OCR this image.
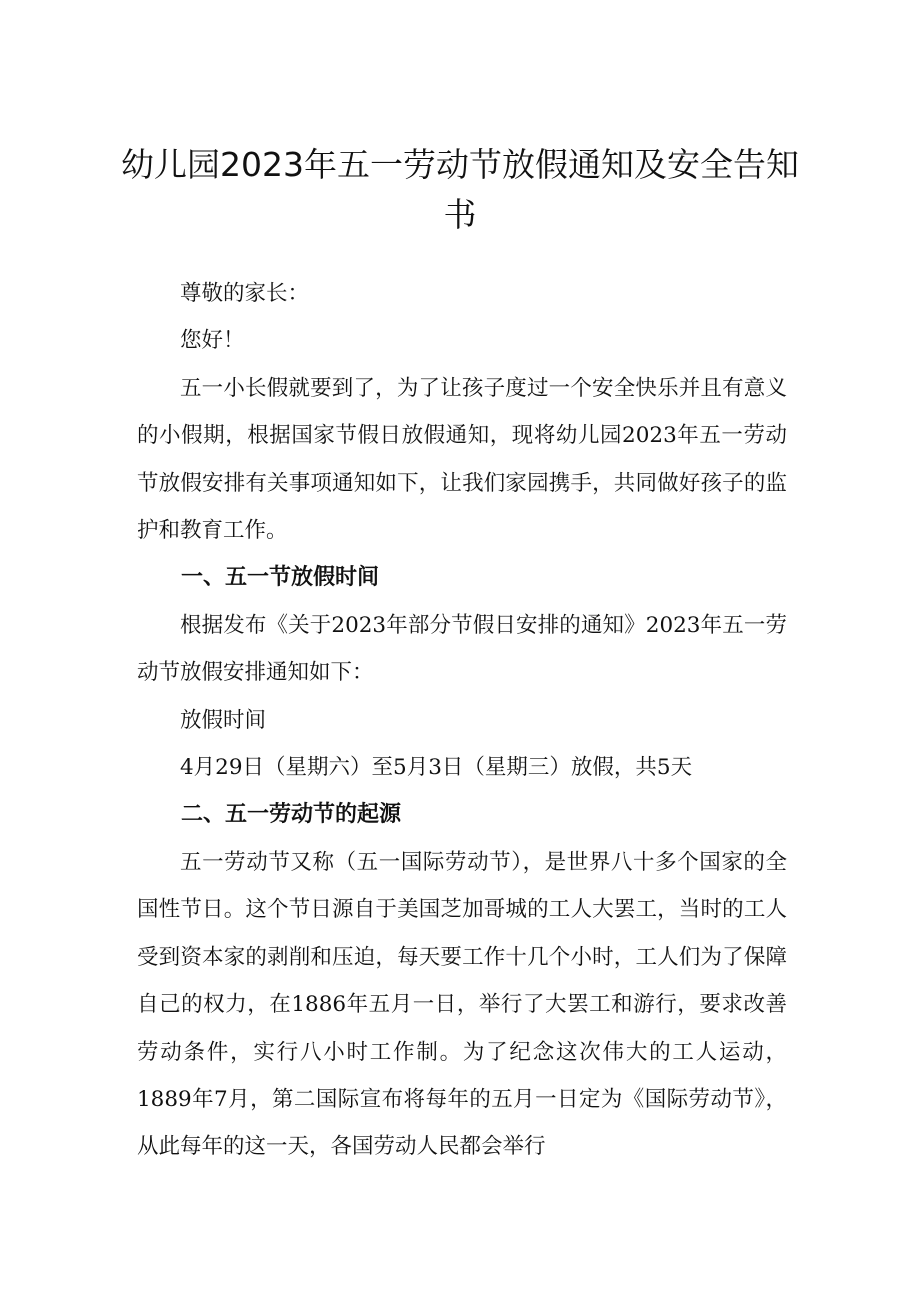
幼儿园2023年五一劳动节放假通知及安全告知书

尊敬的家长：

您好！

五一小长假就要到了，为了让孩子度过一个安全快乐并且有意义的小假期，根据国家节假日放假通知，现将幼儿园2023年五一劳动节放假安排有关事项通知如下，让我们家园携手，共同做好孩子的监护和教育工作。

一、五一节放假时间

根据发布《关于2023年部分节假日安排的通知》2023年五一劳动节放假安排通知如下：

放假时间

4月29日（星期六）至5月3日（星期三）放假，共5天

二、五一劳动节的起源

五一劳动节又称（五一国际劳动节），是世界八十多个国家的全国性节日。这个节日源自于美国芝加哥城的工人大罢工，当时的工人受到资本家的剥削和压迫，每天要工作十几个小时，工人们为了保障自己的权力，在1886年五月一日，举行了大罢工和游行，要求改善劳动条件，实行八小时工作制。为了纪念这次伟大的工人运动，1889年7月，第二国际宣布将每年的五月一日定为《国际劳动节》，从此每年的这一天，各国劳动人民都会举行
